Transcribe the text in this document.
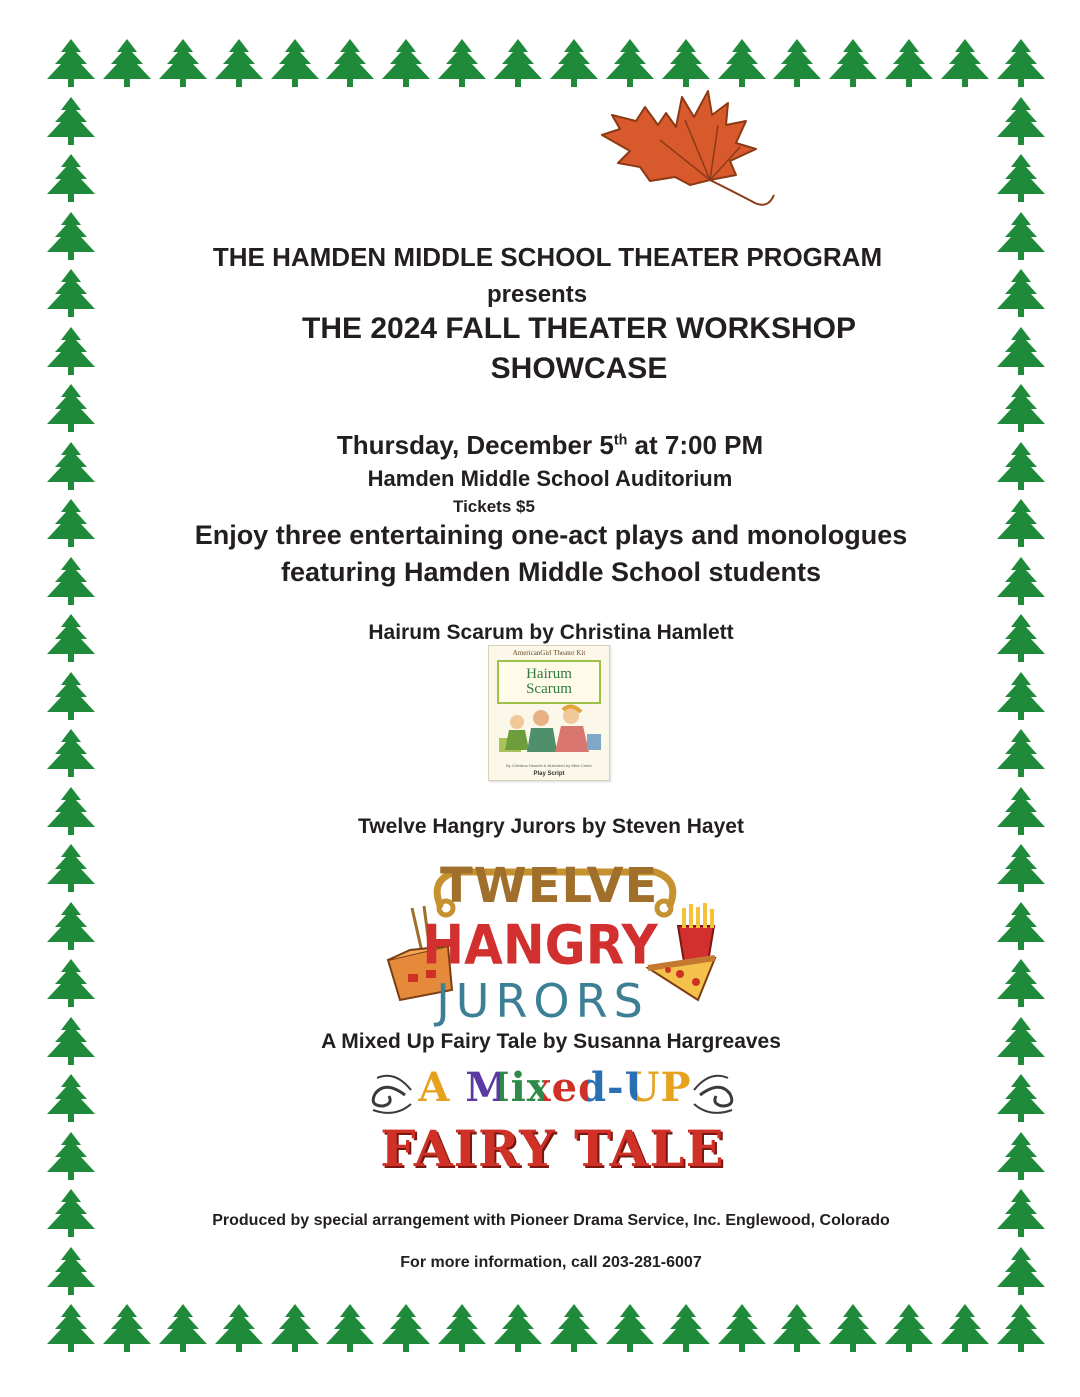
THE HAMDEN MIDDLE SCHOOL THEATER PROGRAM
presents
THE 2024 FALL THEATER WORKSHOP
SHOWCASE
Thursday, December 5th at 7:00 PM
Hamden Middle School Auditorium
Tickets $5
Enjoy three entertaining one-act plays and monologues
featuring Hamden Middle School students
Hairum Scarum by Christina Hamlett
AmericanGirl Theater Kit
Hairum
Scarum
By Christina Hamlett & Illustrated by Mike Carter
Play Script
Twelve Hangry Jurors by Steven Hayet
TWELVE
HANGRY
JURORS
A Mixed Up Fairy Tale by Susanna Hargreaves
A Mixed-UP
FAIRY TALE
Produced by special arrangement with Pioneer Drama Service, Inc. Englewood, Colorado
For more information, call 203-281-6007
